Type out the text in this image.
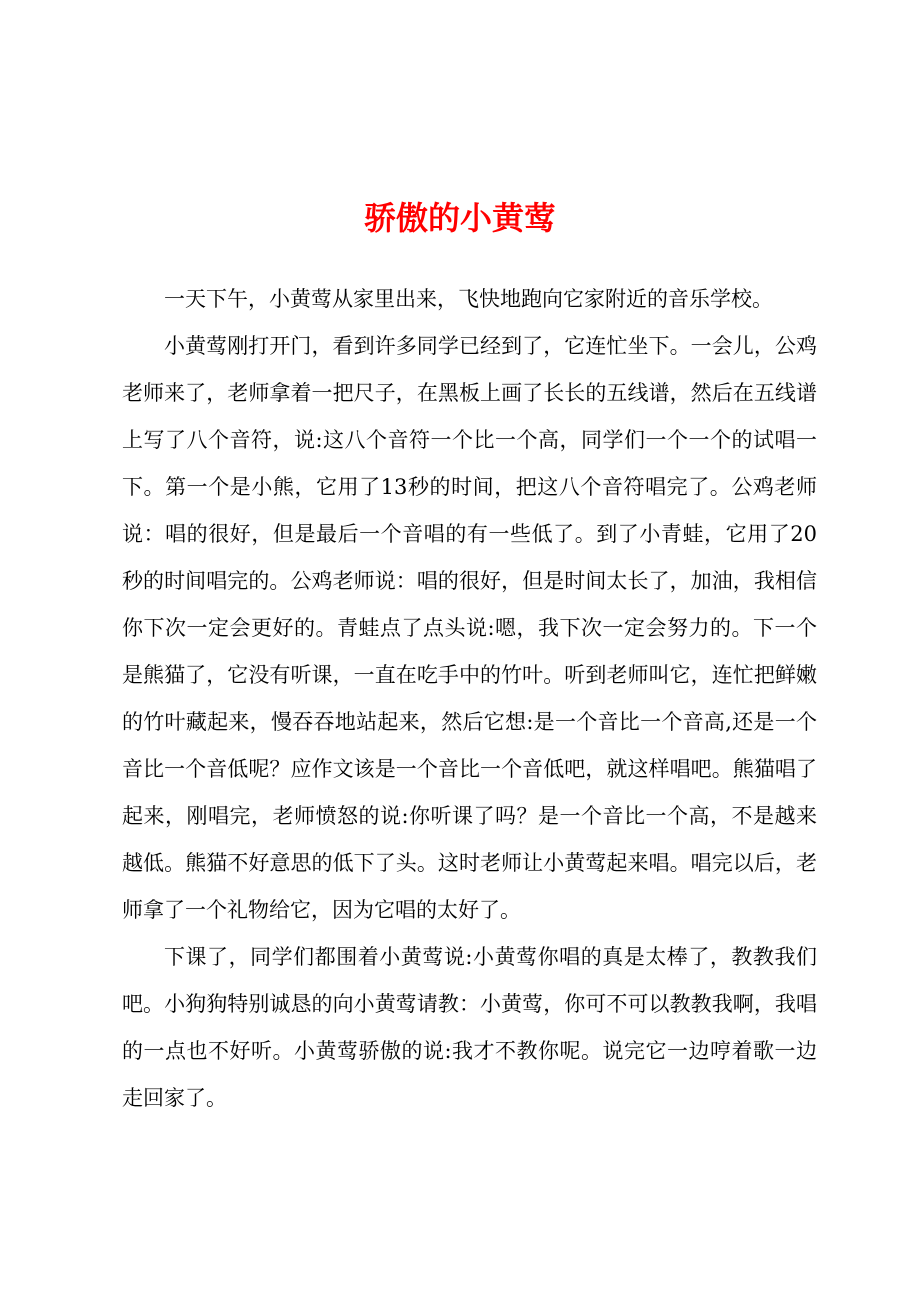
骄傲的小黄莺

一天下午，小黄莺从家里出来，飞快地跑向它家附近的音乐学校。

小黄莺刚打开门，看到许多同学已经到了，它连忙坐下。一会儿，公鸡老师来了，老师拿着一把尺子，在黑板上画了长长的五线谱，然后在五线谱上写了八个音符，说:这八个音符一个比一个高，同学们一个一个的试唱一下。第一个是小熊，它用了13秒的时间，把这八个音符唱完了。公鸡老师说：唱的很好，但是最后一个音唱的有一些低了。到了小青蛙，它用了20秒的时间唱完的。公鸡老师说：唱的很好，但是时间太长了，加油，我相信你下次一定会更好的。青蛙点了点头说:嗯，我下次一定会努力的。下一个是熊猫了，它没有听课，一直在吃手中的竹叶。听到老师叫它，连忙把鲜嫩的竹叶藏起来，慢吞吞地站起来，然后它想:是一个音比一个音高,还是一个音比一个音低呢？应作文该是一个音比一个音低吧，就这样唱吧。熊猫唱了起来，刚唱完，老师愤怒的说:你听课了吗？是一个音比一个高，不是越来越低。熊猫不好意思的低下了头。这时老师让小黄莺起来唱。唱完以后，老师拿了一个礼物给它，因为它唱的太好了。

下课了，同学们都围着小黄莺说:小黄莺你唱的真是太棒了，教教我们吧。小狗狗特别诚恳的向小黄莺请教：小黄莺，你可不可以教教我啊，我唱的一点也不好听。小黄莺骄傲的说:我才不教你呢。说完它一边哼着歌一边走回家了。
